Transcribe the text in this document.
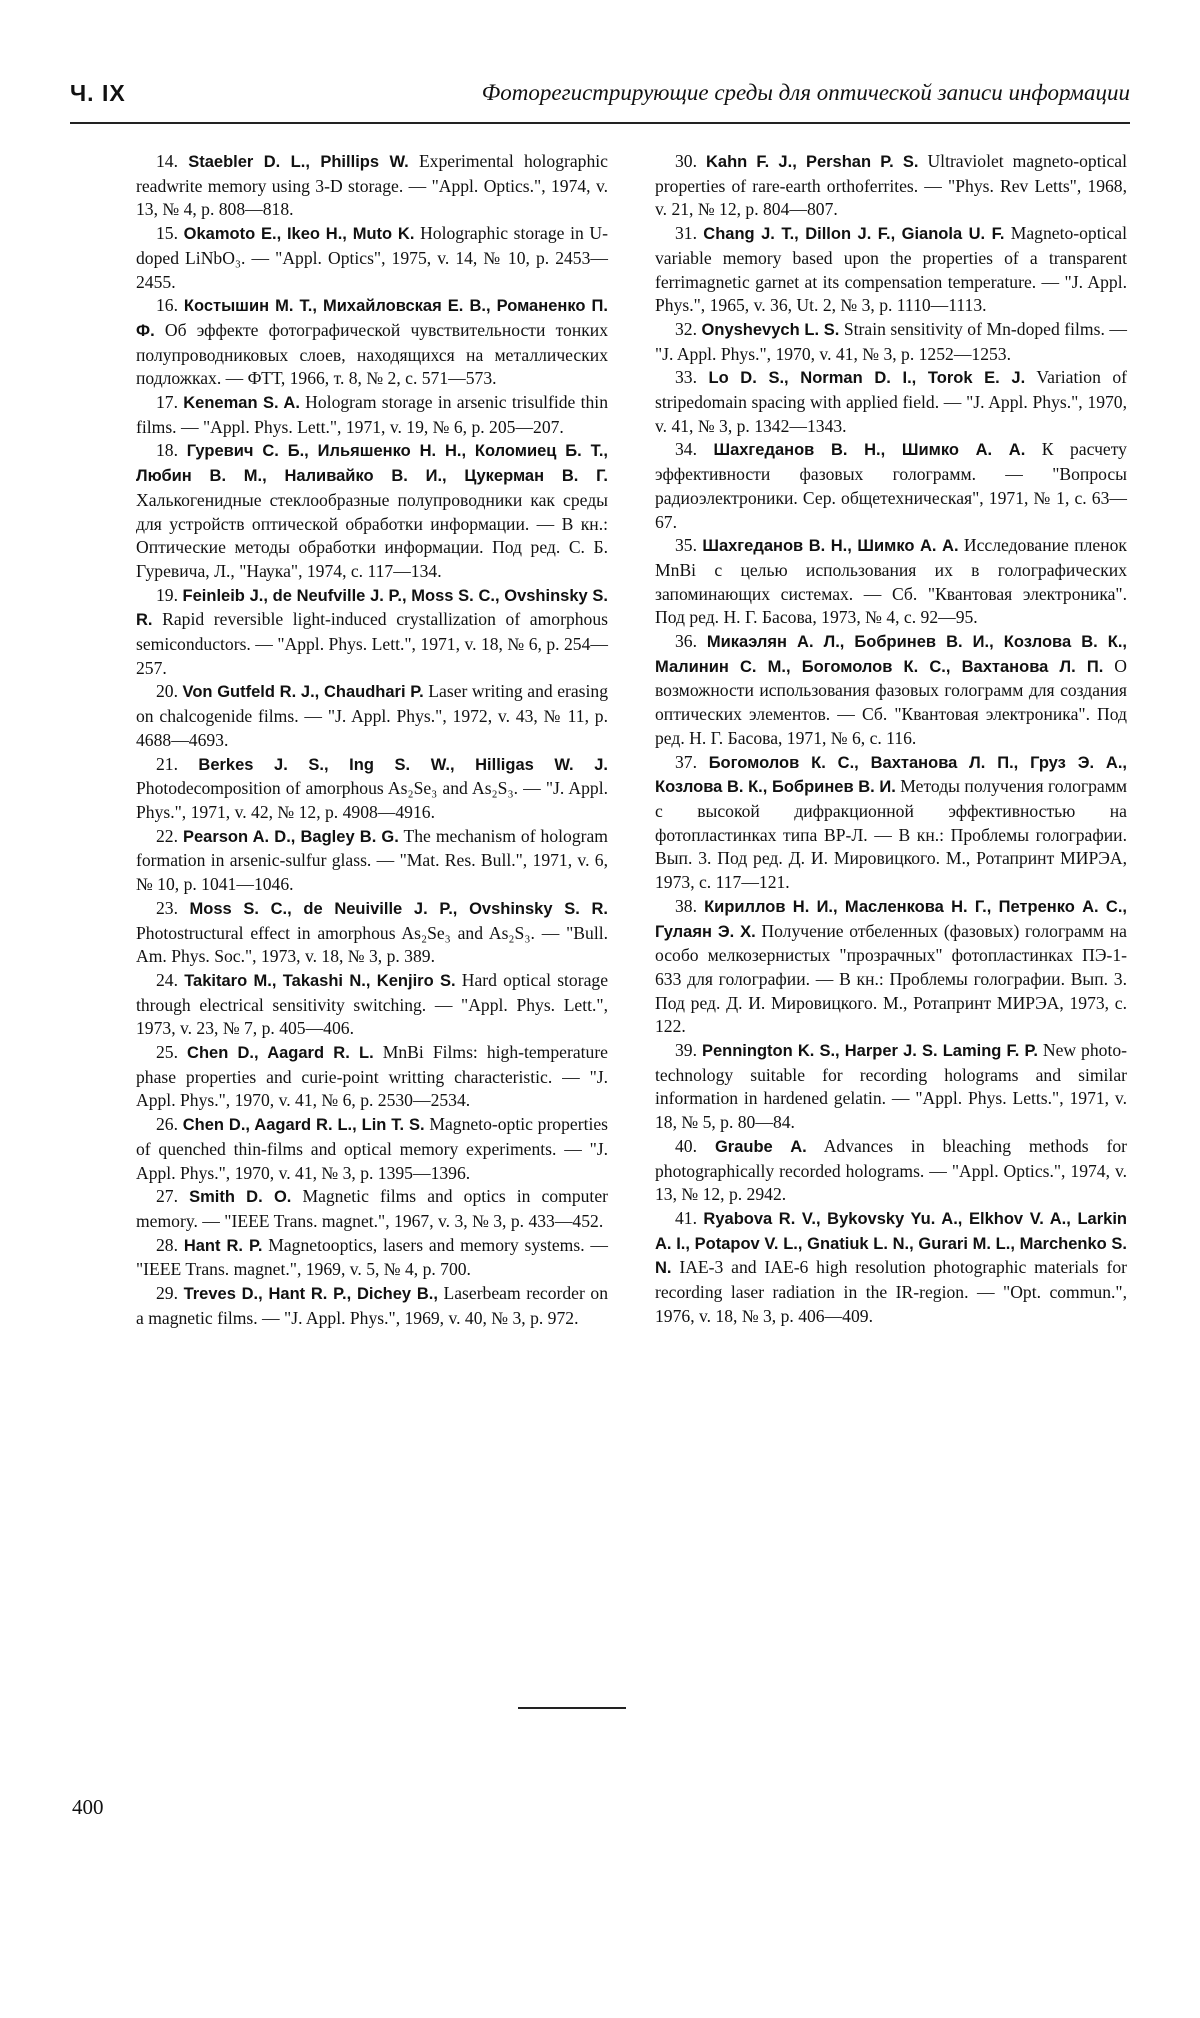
Ч. IX	Фоторегистрирующие среды для оптической записи информации

14. Staebler D. L., Phillips W. Experimental holographic readwrite memory using 3-D storage. — "Appl. Optics.", 1974, v. 13, № 4, p. 808—818.

15. Okamoto E., Ikeo H., Muto K. Holographic storage in U-doped LiNbO₃. — "Appl. Optics", 1975, v. 14, № 10, p. 2453—2455.

16. Костышин М. Т., Михайловская Е. В., Романенко П. Ф. Об эффекте фотографической чувствительности тонких полупроводниковых слоев, находящихся на металлических подложках. — ФТТ, 1966, т. 8, № 2, с. 571—573.

17. Keneman S. A. Hologram storage in arsenic trisulfide thin films. — "Appl. Phys. Lett.", 1971, v. 19, № 6, p. 205—207.

18. Гуревич С. Б., Ильяшенко Н. Н., Коломиец Б. Т., Любин В. М., Наливайко В. И., Цукерман В. Г. Халькогенидные стеклообразные полупроводники как среды для устройств оптической обработки информации. — В кн.: Оптические методы обработки информации. Под ред. С. Б. Гуревича, Л., "Наука", 1974, с. 117—134.

19. Feinleib J., de Neufville J. P., Moss S. C., Ovshinsky S. R. Rapid reversible light-induced crystallization of amorphous semiconductors. — "Appl. Phys. Lett.", 1971, v. 18, № 6, p. 254—257.

20. Von Gutfeld R. J., Chaudhari P. Laser writing and erasing on chalcogenide films. — "J. Appl. Phys.", 1972, v. 43, № 11, p. 4688—4693.

21. Berkes J. S., Ing S. W., Hilligas W. J. Photodecomposition of amorphous As₂Se₃ and As₂S₃. — "J. Appl. Phys.", 1971, v. 42, № 12, p. 4908—4916.

22. Pearson A. D., Bagley B. G. The mechanism of hologram formation in arsenic-sulfur glass. — "Mat. Res. Bull.", 1971, v. 6, № 10, p. 1041—1046.

23. Moss S. C., de Neuiville J. P., Ovshinsky S. R. Photostructural effect in amorphous As₂Se₃ and As₂S₃. — "Bull. Am. Phys. Soc.", 1973, v. 18, № 3, p. 389.

24. Takitaro M., Takashi N., Kenjiro S. Hard optical storage through electrical sensitivity switching. — "Appl. Phys. Lett.", 1973, v. 23, № 7, p. 405—406.

25. Chen D., Aagard R. L. MnBi Films: high-temperature phase properties and curie-point writting characteristic. — "J. Appl. Phys.", 1970, v. 41, № 6, p. 2530—2534.

26. Chen D., Aagard R. L., Lin T. S. Magneto-optic properties of quenched thin-films and optical memory experiments. — "J. Appl. Phys.", 1970, v. 41, № 3, p. 1395—1396.

27. Smith D. O. Magnetic films and optics in computer memory. — "IEEE Trans. magnet.", 1967, v. 3, № 3, p. 433—452.

28. Hant R. P. Magnetooptics, lasers and memory systems. — "IEEE Trans. magnet.", 1969, v. 5, № 4, p. 700.

29. Treves D., Hant R. P., Dichey B., Laserbeam recorder on a magnetic films. — "J. Appl. Phys.", 1969, v. 40, № 3, p. 972.

30. Kahn F. J., Pershan P. S. Ultraviolet magneto-optical properties of rare-earth orthoferrites. — "Phys. Rev Letts", 1968, v. 21, № 12, p. 804—807.

31. Chang J. T., Dillon J. F., Gianola U. F. Magneto-optical variable memory based upon the properties of a transparent ferrimagnetic garnet at its compensation temperature. — "J. Appl. Phys.", 1965, v. 36, Ut. 2, № 3, p. 1110—1113.

32. Onyshevych L. S. Strain sensitivity of Mn-doped films. — "J. Appl. Phys.", 1970, v. 41, № 3, p. 1252—1253.

33. Lo D. S., Norman D. I., Torok E. J. Variation of stripedomain spacing with applied field. — "J. Appl. Phys.", 1970, v. 41, № 3, p. 1342—1343.

34. Шахгеданов В. Н., Шимко А. А. К расчету эффективности фазовых голограмм. — "Вопросы радиоэлектроники. Сер. общетехническая", 1971, № 1, с. 63—67.

35. Шахгеданов В. Н., Шимко А. А. Исследование пленок MnBi с целью использования их в голографических запоминающих системах. — Сб. "Квантовая электроника". Под ред. Н. Г. Басова, 1973, № 4, с. 92—95.

36. Микаэлян А. Л., Бобринев В. И., Козлова В. К., Малинин С. М., Богомолов К. С., Вахтанова Л. П. О возможности использования фазовых голограмм для создания оптических элементов. — Сб. "Квантовая электроника". Под ред. Н. Г. Басова, 1971, № 6, с. 116.

37. Богомолов К. С., Вахтанова Л. П., Груз Э. А., Козлова В. К., Бобринев В. И. Методы получения голограмм с высокой дифракционной эффективностью на фотопластинках типа ВР-Л. — В кн.: Проблемы голографии. Вып. 3. Под ред. Д. И. Мировицкого. М., Ротапринт МИРЭА, 1973, с. 117—121.

38. Кириллов Н. И., Масленкова Н. Г., Петренко А. С., Гулаян Э. Х. Получение отбеленных (фазовых) голограмм на особо мелкозернистых "прозрачных" фотопластинках ПЭ-1-633 для голографии. — В кн.: Проблемы голографии. Вып. 3. Под ред. Д. И. Мировицкого. М., Ротапринт МИРЭА, 1973, с. 122.

39. Pennington K. S., Harper J. S. Laming F. P. New phototechnology suitable for recording holograms and similar information in hardened gelatin. — "Appl. Phys. Letts.", 1971, v. 18, № 5, p. 80—84.

40. Graube A. Advances in bleaching methods for photographically recorded holograms. — "Appl. Optics.", 1974, v. 13, № 12, p. 2942.

41. Ryabova R. V., Bykovsky Yu. A., Elkhov V. A., Larkin A. I., Potapov V. L., Gnatiuk L. N., Gurari M. L., Marchenko S. N. IAE-3 and IAE-6 high resolution photographic materials for recording laser radiation in the IR-region. — "Opt. commun.", 1976, v. 18, № 3, p. 406—409.

400
